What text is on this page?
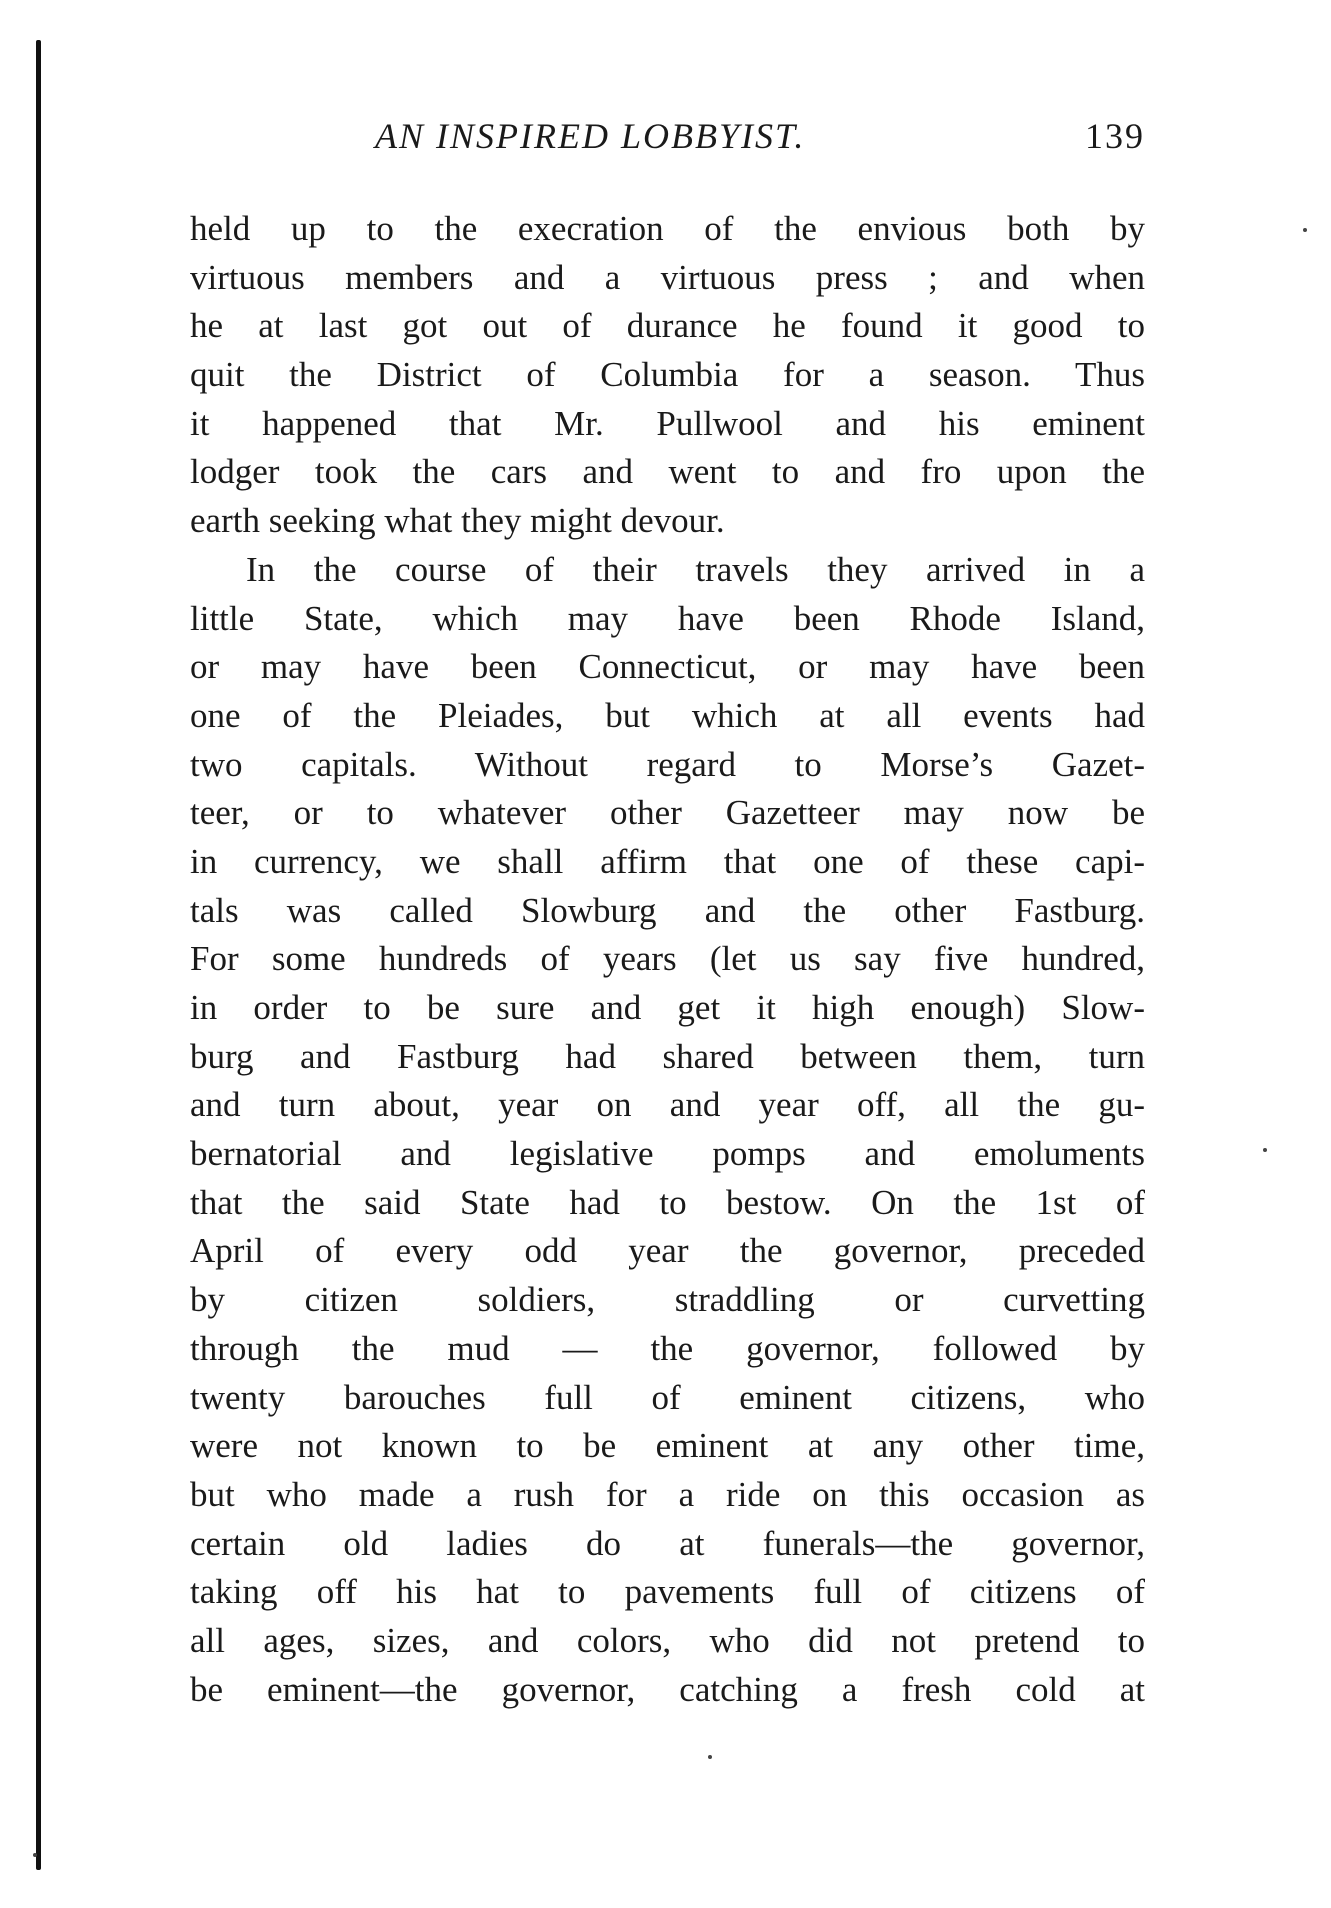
AN INSPIRED LOBBYIST.	139
held up to the execration of the envious both by
virtuous members and a virtuous press ; and when
he at last got out of durance he found it good to
quit the District of Columbia for a season. Thus
it happened that Mr. Pullwool and his eminent
lodger took the cars and went to and fro upon the
earth seeking what they might devour.
In the course of their travels they arrived in a
little State, which may have been Rhode Island,
or may have been Connecticut, or may have been
one of the Pleiades, but which at all events had
two capitals. Without regard to Morse’s Gazet-
teer, or to whatever other Gazetteer may now be
in currency, we shall affirm that one of these capi-
tals was called Slowburg and the other Fastburg.
For some hundreds of years (let us say five hundred,
in order to be sure and get it high enough) Slow-
burg and Fastburg had shared between them, turn
and turn about, year on and year off, all the gu-
bernatorial and legislative pomps and emoluments
that the said State had to bestow. On the 1st of
April of every odd year the governor, preceded
by citizen soldiers, straddling or curvetting
through the mud — the governor, followed by
twenty barouches full of eminent citizens, who
were not known to be eminent at any other time,
but who made a rush for a ride on this occasion as
certain old ladies do at funerals—the governor,
taking off his hat to pavements full of citizens of
all ages, sizes, and colors, who did not pretend to
be eminent—the governor, catching a fresh cold at
